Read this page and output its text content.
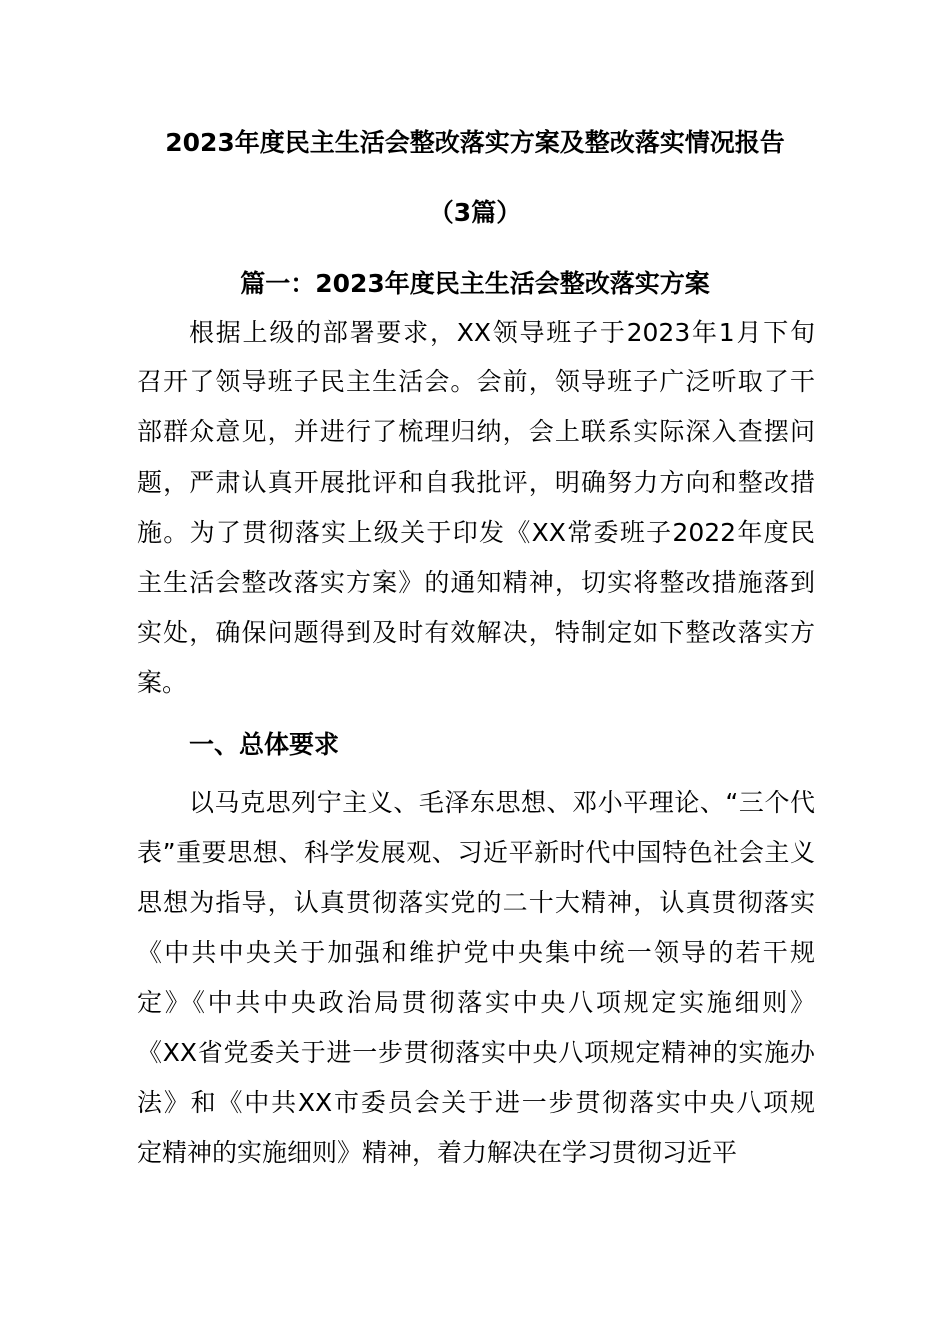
2023年度民主生活会整改落实方案及整改落实情况报告
（3篇）
篇一：2023年度民主生活会整改落实方案
根据上级的部署要求，XX领导班子于2023年1月下旬
召开了领导班子民主生活会。会前，领导班子广泛听取了干
部群众意见，并进行了梳理归纳，会上联系实际深入查摆问
题，严肃认真开展批评和自我批评，明确努力方向和整改措
施。为了贯彻落实上级关于印发《XX常委班子2022年度民
主生活会整改落实方案》的通知精神，切实将整改措施落到
实处，确保问题得到及时有效解决，特制定如下整改落实方
案。
一、总体要求
以马克思列宁主义、毛泽东思想、邓小平理论、“三个代
表”重要思想、科学发展观、习近平新时代中国特色社会主义
思想为指导，认真贯彻落实党的二十大精神，认真贯彻落实
《中共中央关于加强和维护党中央集中统一领导的若干规
定》《中共中央政治局贯彻落实中央八项规定实施细则》
《XX省党委关于进一步贯彻落实中央八项规定精神的实施办
法》和《中共XX市委员会关于进一步贯彻落实中央八项规
定精神的实施细则》精神，着力解决在学习贯彻习近平
